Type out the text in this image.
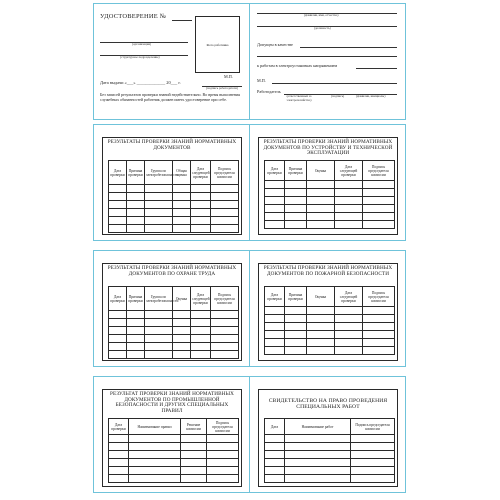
УДОСТОВЕРЕНИЕ №
(организация)
(структурное подразделение)
Фото работника
М.П.
Дата выдачи «___» _____________ 20___ г.
(подпись работодателя)
Без записей результатов проверки знаний недействительно. Во время выполнения служебных обязанностей работник должен иметь удостоверение при себе.
(фамилия, имя, отчество)
(должность)
Допущен в качестве
к работам в электроустановках напряжением
М.П.
Работодатель
(ответственный за электрохозяйство)
(подпись)	(фамилия, инициалы)
РЕЗУЛЬТАТЫ ПРОВЕРКИ ЗНАНИЙ НОРМАТИВНЫХ ДОКУМЕНТОВ
Дата проверки	Причина проверки	Группа по электробезопасности	Общая оценка	Дата следующей проверки	Подпись председателя комиссии

РЕЗУЛЬТАТЫ ПРОВЕРКИ ЗНАНИЙ НОРМАТИВНЫХ ДОКУМЕНТОВ ПО УСТРОЙСТВУ И ТЕХНИЧЕСКОЙ ЭКСПЛУАТАЦИИ
Дата проверки	Причина проверки	Оценка	Дата следующей проверки	Подпись председателя комиссии

РЕЗУЛЬТАТЫ ПРОВЕРКИ ЗНАНИЙ НОРМАТИВНЫХ ДОКУМЕНТОВ ПО ОХРАНЕ ТРУДА
Дата проверки	Причина проверки	Группа по электробезопасности	Оценка	Дата следующей проверки	Подпись председателя комиссии

РЕЗУЛЬТАТЫ ПРОВЕРКИ ЗНАНИЙ НОРМАТИВНЫХ ДОКУМЕНТОВ ПО ПОЖАРНОЙ БЕЗОПАСНОСТИ
Дата проверки	Причина проверки	Оценка	Дата следующей проверки	Подпись председателя комиссии

РЕЗУЛЬТАТ ПРОВЕРКИ ЗНАНИЙ НОРМАТИВНЫХ ДОКУМЕНТОВ ПО ПРОМЫШЛЕННОЙ БЕЗОПАСНОСТИ И ДРУГИХ СПЕЦИАЛЬНЫХ ПРАВИЛ
Дата проверки	Наименование правил	Решение комиссии	Подпись председателя комиссии

СВИДЕТЕЛЬСТВО НА ПРАВО ПРОВЕДЕНИЯ СПЕЦИАЛЬНЫХ РАБОТ
Дата	Наименование работ	Подпись председателя комиссии
